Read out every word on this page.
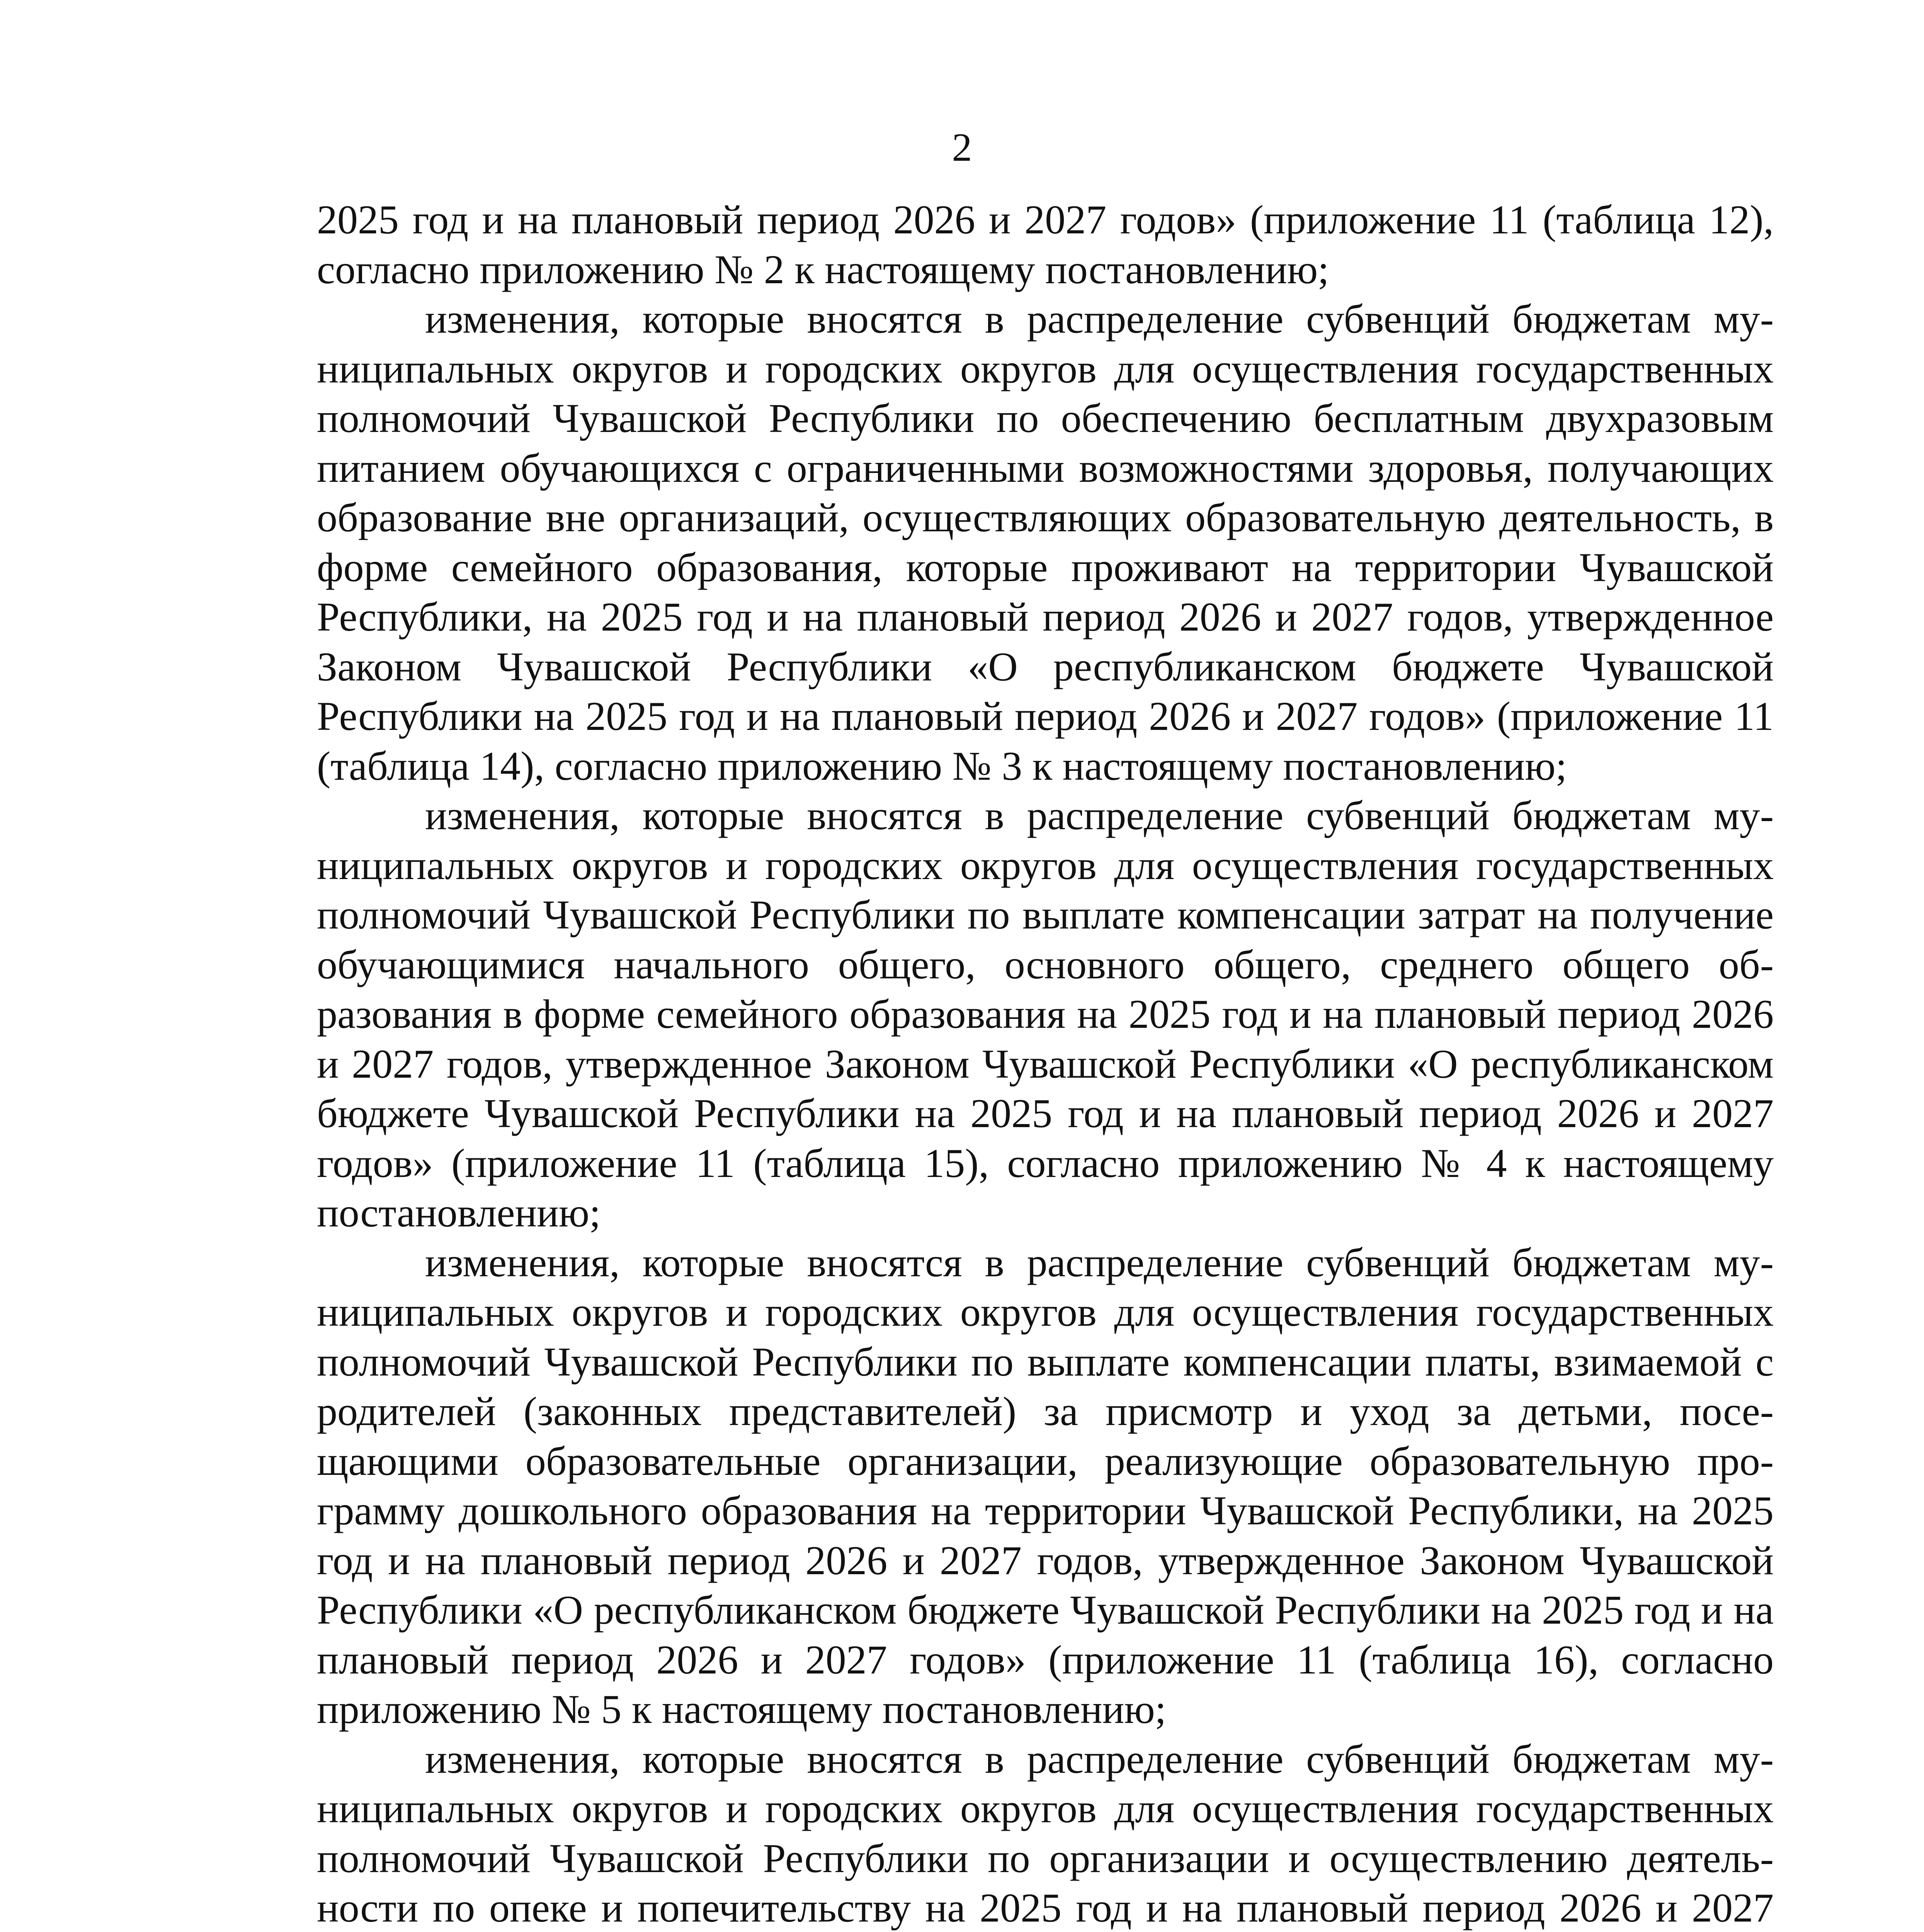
2

2025 год и на плановый период 2026 и 2027 годов» (приложение 11 (таблица 12), согласно приложению № 2 к настоящему постановлению;

изменения, которые вносятся в распределение субвенций бюджетам муниципальных округов и городских округов для осуществления государственных полномочий Чувашской Республики по обеспечению бесплатным двухразовым питанием обучающихся с ограниченными возможностями здоровья, получающих образование вне организаций, осуществляющих образовательную деятельность, в форме семейного образования, которые проживают на территории Чувашской Республики, на 2025 год и на плановый период 2026 и 2027 годов, утвержденное Законом Чувашской Республики «О республиканском бюджете Чувашской Республики на 2025 год и на плановый период 2026 и 2027 годов» (приложение 11 (таблица 14), согласно приложению № 3 к настоящему постановлению;

изменения, которые вносятся в распределение субвенций бюджетам муниципальных округов и городских округов для осуществления государственных полномочий Чувашской Республики по выплате компенсации затрат на получение обучающимися начального общего, основного общего, среднего общего образования в форме семейного образования на 2025 год и на плановый период 2026 и 2027 годов, утвержденное Законом Чувашской Республики «О республиканском бюджете Чувашской Республики на 2025 год и на плановый период 2026 и 2027 годов» (приложение 11 (таблица 15), согласно приложению № 4 к настоящему постановлению;

изменения, которые вносятся в распределение субвенций бюджетам муниципальных округов и городских округов для осуществления государственных полномочий Чувашской Республики по выплате компенсации платы, взимаемой с родителей (законных представителей) за присмотр и уход за детьми, посещающими образовательные организации, реализующие образовательную программу дошкольного образования на территории Чувашской Республики, на 2025 год и на плановый период 2026 и 2027 годов, утвержденное Законом Чувашской Республики «О республиканском бюджете Чувашской Республики на 2025 год и на плановый период 2026 и 2027 годов» (приложение 11 (таблица 16), согласно приложению № 5 к настоящему постановлению;

изменения, которые вносятся в распределение субвенций бюджетам муниципальных округов и городских округов для осуществления государственных полномочий Чувашской Республики по организации и осуществлению деятельности по опеке и попечительству на 2025 год и на плановый период 2026 и 2027
